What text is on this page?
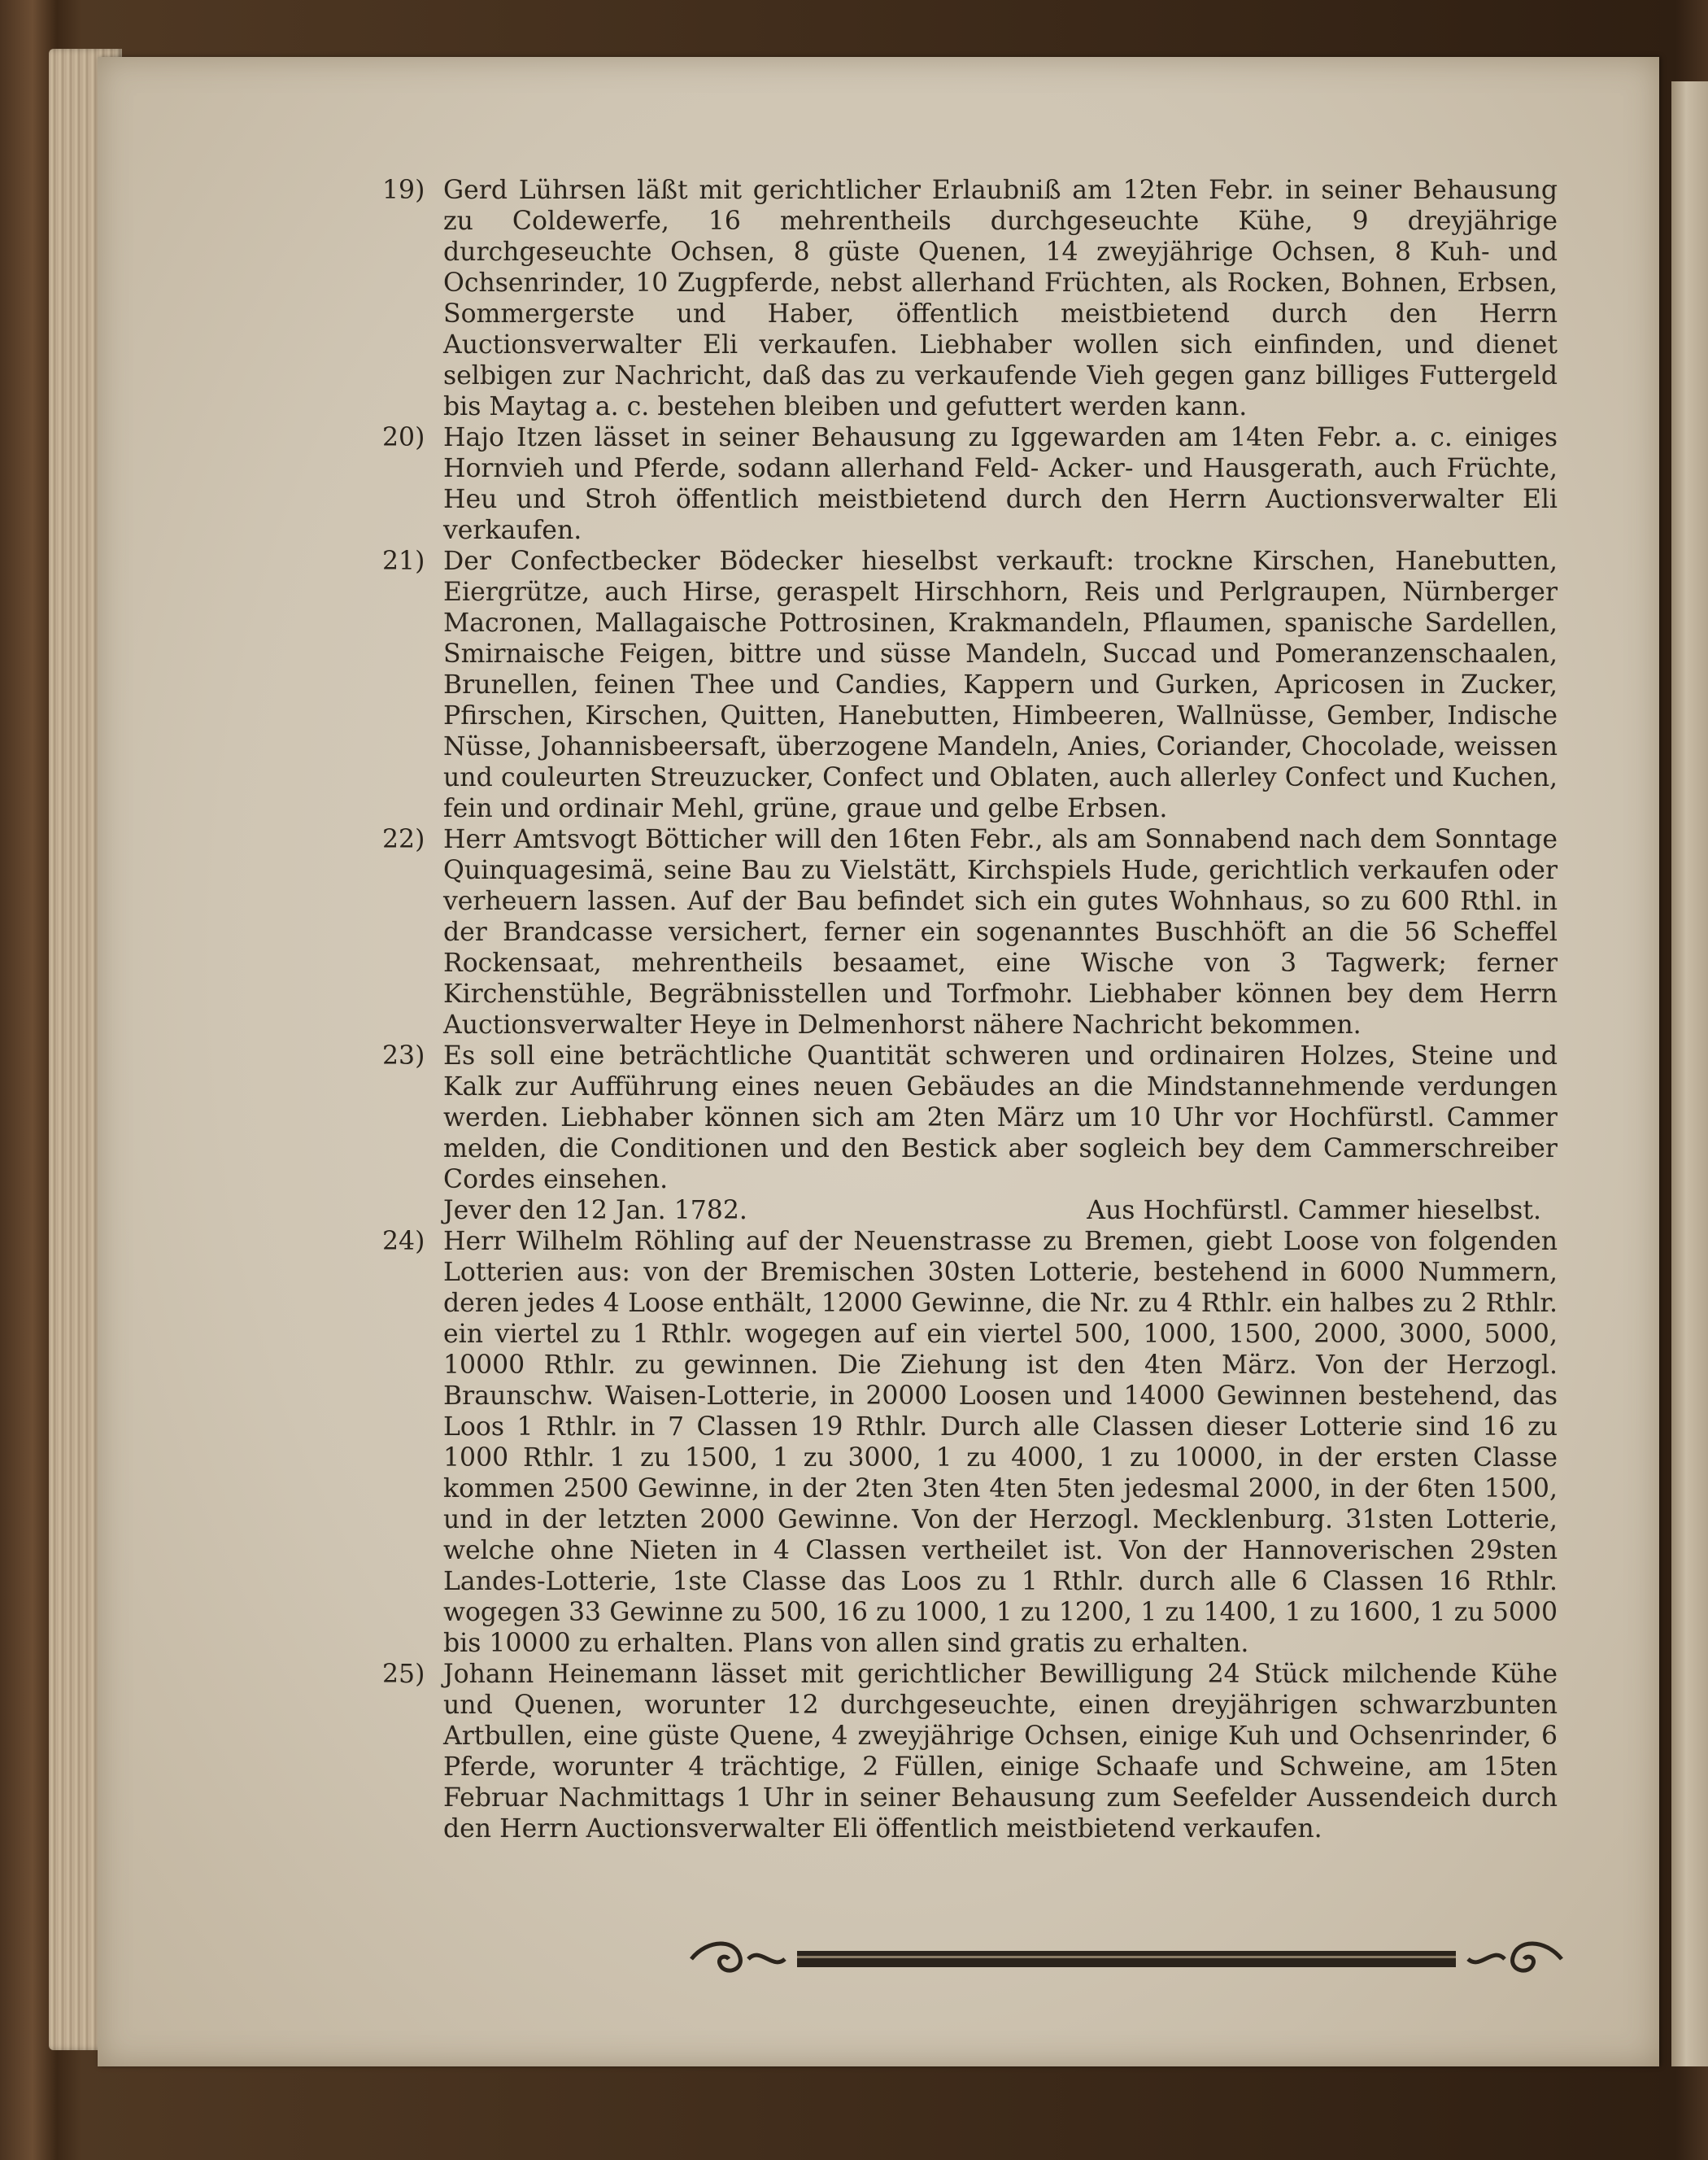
19) Gerd Lührsen läßt mit gerichtlicher Erlaubniß am 12ten Febr. in seiner Behausung zu Coldewerfe, 16 mehrentheils durchgeseuchte Kühe, 9 dreyjährige durchgeseuchte Ochsen, 8 güste Quenen, 14 zweyjährige Ochsen, 8 Kuh- und Ochsenrinder, 10 Zugpferde, nebst allerhand Früchten, als Rocken, Bohnen, Erbsen, Sommergerste und Haber, öffentlich meistbietend durch den Herrn Auctionsverwalter Eli verkaufen. Liebhaber wollen sich einfinden, und dienet selbigen zur Nachricht, daß das zu verkaufende Vieh gegen ganz billiges Futtergeld bis Maytag a. c. bestehen bleiben und gefuttert werden kann.
20) Hajo Itzen lässet in seiner Behausung zu Iggewarden am 14ten Febr. a. c. einiges Hornvieh und Pferde, sodann allerhand Feld- Acker- und Hausgerath, auch Früchte, Heu und Stroh öffentlich meistbietend durch den Herrn Auctionsverwalter Eli verkaufen.
21) Der Confectbecker Bödecker hieselbst verkauft: trockne Kirschen, Hanebutten, Eiergrütze, auch Hirse, geraspelt Hirschhorn, Reis und Perlgraupen, Nürnberger Macronen, Mallagaische Pottrosinen, Krakmandeln, Pflaumen, spanische Sardellen, Smirnaische Feigen, bittre und süsse Mandeln, Succad und Pomeranzenschaalen, Brunellen, feinen Thee und Candies, Kappern und Gurken, Apricosen in Zucker, Pfirschen, Kirschen, Quitten, Hanebutten, Himbeeren, Wallnüsse, Gember, Indische Nüsse, Johannisbeersaft, überzogene Mandeln, Anies, Coriander, Chocolade, weissen und couleurten Streuzucker, Confect und Oblaten, auch allerley Confect und Kuchen, fein und ordinair Mehl, grüne, graue und gelbe Erbsen.
22) Herr Amtsvogt Bötticher will den 16ten Febr., als am Sonnabend nach dem Sonntage Quinquagesimä, seine Bau zu Vielstätt, Kirchspiels Hude, gerichtlich verkaufen oder verheuern lassen. Auf der Bau befindet sich ein gutes Wohnhaus, so zu 600 Rthl. in der Brandcasse versichert, ferner ein sogenanntes Buschhöft an die 56 Scheffel Rockensaat, mehrentheils besaamet, eine Wische von 3 Tagwerk; ferner Kirchenstühle, Begräbnisstellen und Torfmohr. Liebhaber können bey dem Herrn Auctionsverwalter Heye in Delmenhorst nähere Nachricht bekommen.
23) Es soll eine beträchtliche Quantität schweren und ordinairen Holzes, Steine und Kalk zur Aufführung eines neuen Gebäudes an die Mindstannehmende verdungen werden. Liebhaber können sich am 2ten März um 10 Uhr vor Hochfürstl. Cammer melden, die Conditionen und den Bestick aber sogleich bey dem Cammerschreiber Cordes einsehen.
Jever den 12 Jan. 1782.	Aus Hochfürstl. Cammer hieselbst.
24) Herr Wilhelm Röhling auf der Neuenstrasse zu Bremen, giebt Loose von folgenden Lotterien aus: von der Bremischen 30sten Lotterie, bestehend in 6000 Nummern, deren jedes 4 Loose enthält, 12000 Gewinne, die Nr. zu 4 Rthlr. ein halbes zu 2 Rthlr. ein viertel zu 1 Rthlr. wogegen auf ein viertel 500, 1000, 1500, 2000, 3000, 5000, 10000 Rthlr. zu gewinnen. Die Ziehung ist den 4ten März. Von der Herzogl. Braunschw. Waisen-Lotterie, in 20000 Loosen und 14000 Gewinnen bestehend, das Loos 1 Rthlr. in 7 Classen 19 Rthlr. Durch alle Classen dieser Lotterie sind 16 zu 1000 Rthlr. 1 zu 1500, 1 zu 3000, 1 zu 4000, 1 zu 10000, in der ersten Classe kommen 2500 Gewinne, in der 2ten 3ten 4ten 5ten jedesmal 2000, in der 6ten 1500, und in der letzten 2000 Gewinne. Von der Herzogl. Mecklenburg. 31sten Lotterie, welche ohne Nieten in 4 Classen vertheilet ist. Von der Hannoverischen 29sten Landes-Lotterie, 1ste Classe das Loos zu 1 Rthlr. durch alle 6 Classen 16 Rthlr. wogegen 33 Gewinne zu 500, 16 zu 1000, 1 zu 1200, 1 zu 1400, 1 zu 1600, 1 zu 5000 bis 10000 zu erhalten. Plans von allen sind gratis zu erhalten.
25) Johann Heinemann lässet mit gerichtlicher Bewilligung 24 Stück milchende Kühe und Quenen, worunter 12 durchgeseuchte, einen dreyjährigen schwarzbunten Artbullen, eine güste Quene, 4 zweyjährige Ochsen, einige Kuh und Ochsenrinder, 6 Pferde, worunter 4 trächtige, 2 Füllen, einige Schaafe und Schweine, am 15ten Februar Nachmittags 1 Uhr in seiner Behausung zum Seefelder Aussendeich durch den Herrn Auctionsverwalter Eli öffentlich meistbietend verkaufen.
